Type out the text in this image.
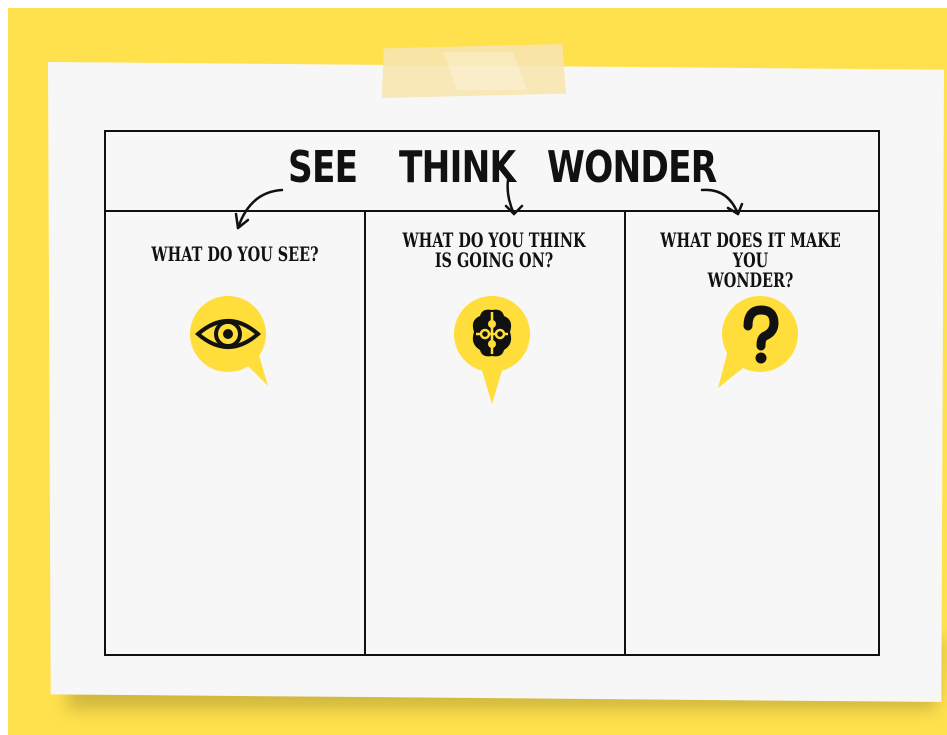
SEE THINK WONDER
WHAT DO YOU SEE?
WHAT DO YOU THINK
IS GOING ON?
WHAT DOES IT MAKE YOU
WONDER?
